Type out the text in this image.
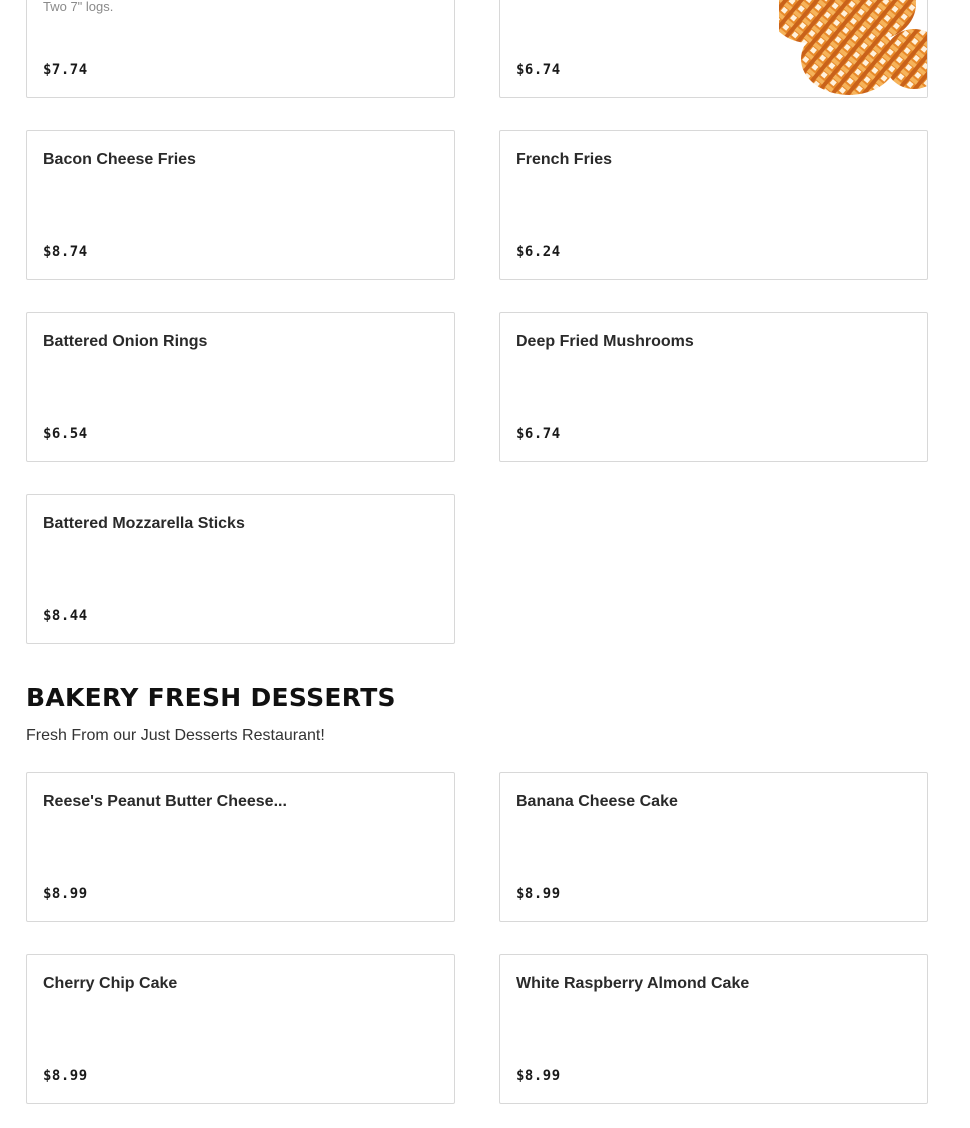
Two 7" logs.
$7.74	$6.74
Bacon Cheese Fries
$8.74
French Fries
$6.24
Battered Onion Rings
$6.54
Deep Fried Mushrooms
$6.74
Battered Mozzarella Sticks
$8.44
BAKERY FRESH DESSERTS
Fresh From our Just Desserts Restaurant!
Reese's Peanut Butter Cheese...
$8.99
Banana Cheese Cake
$8.99
Cherry Chip Cake
$8.99
White Raspberry Almond Cake
$8.99
